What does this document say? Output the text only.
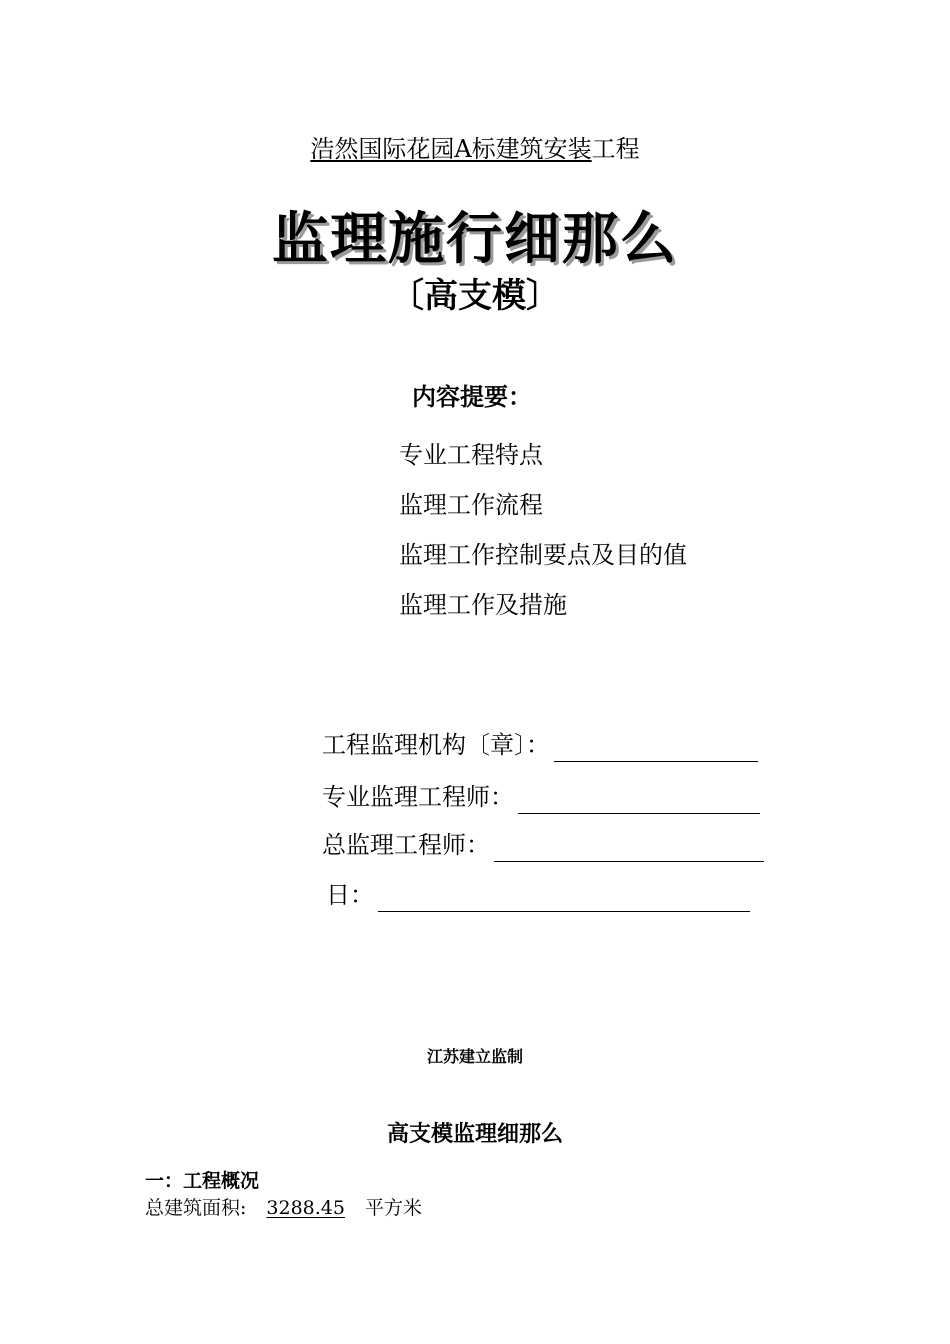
浩然国际花园A标建筑安装工程
监理施行细那么
〔高支模〕
内容提要：
专业工程特点
监理工作流程
监理工作控制要点及目的值
监理工作及措施
工程监理机构〔章〕：
专业监理工程师：
总监理工程师：
日：
江苏建立监制
高支模监理细那么
一：工程概况
总建筑面积: 3288.45 平方米
